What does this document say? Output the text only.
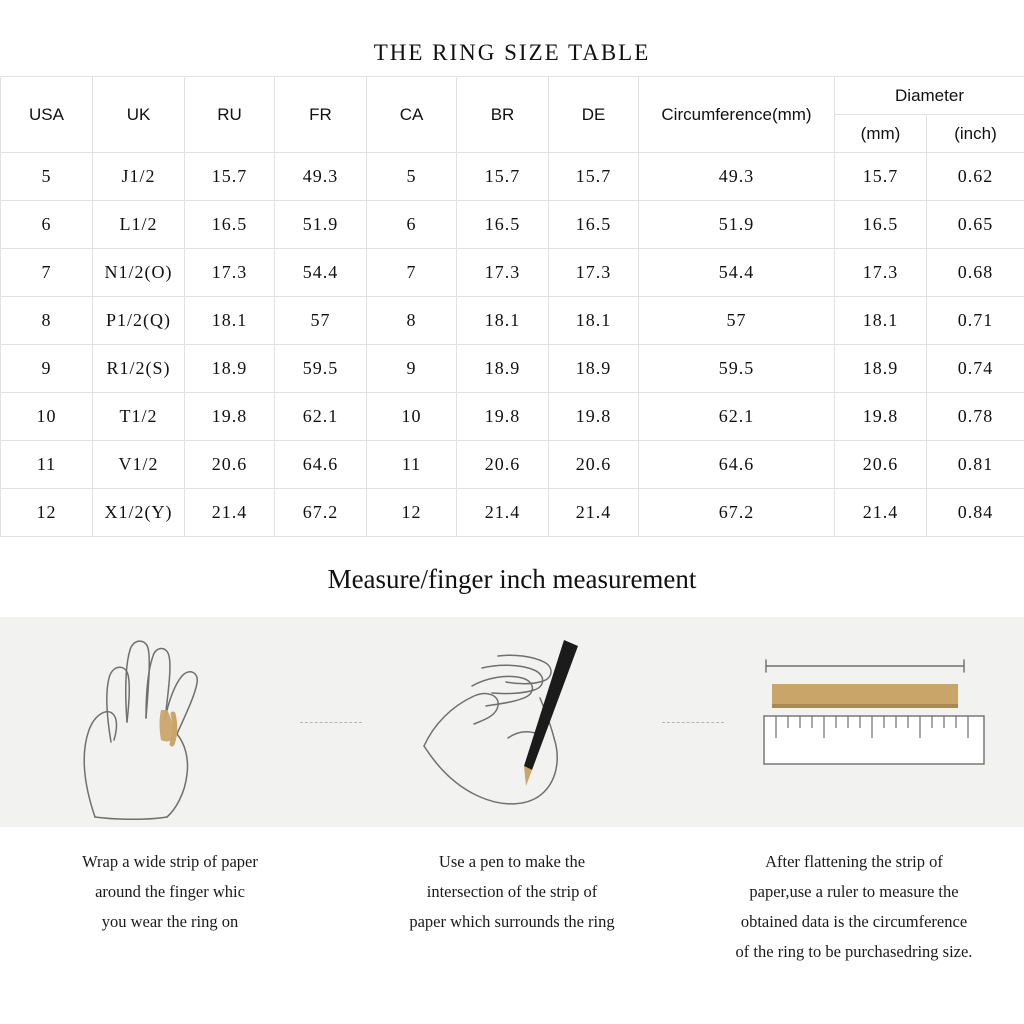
THE RING SIZE TABLE
USA	UK	RU	FR	CA	BR	DE	Circumference(mm)	Diameter	
								(mm)	(inch)
5	J1/2	15.7	49.3	5	15.7	15.7	49.3	15.7	0.62
6	L1/2	16.5	51.9	6	16.5	16.5	51.9	16.5	0.65
7	N1/2(O)	17.3	54.4	7	17.3	17.3	54.4	17.3	0.68
8	P1/2(Q)	18.1	57	8	18.1	18.1	57	18.1	0.71
9	R1/2(S)	18.9	59.5	9	18.9	18.9	59.5	18.9	0.74
10	T1/2	19.8	62.1	10	19.8	19.8	62.1	19.8	0.78
11	V1/2	20.6	64.6	11	20.6	20.6	64.6	20.6	0.81
12	X1/2(Y)	21.4	67.2	12	21.4	21.4	67.2	21.4	0.84
Measure/finger inch measurement
Wrap a wide strip of paper
around the finger whic
you wear the ring on
Use a pen to make the
intersection of the strip of
paper which surrounds the ring
After flattening the strip of
paper,use a ruler to measure the
obtained data is the circumference
of the ring to be purchasedring size.
